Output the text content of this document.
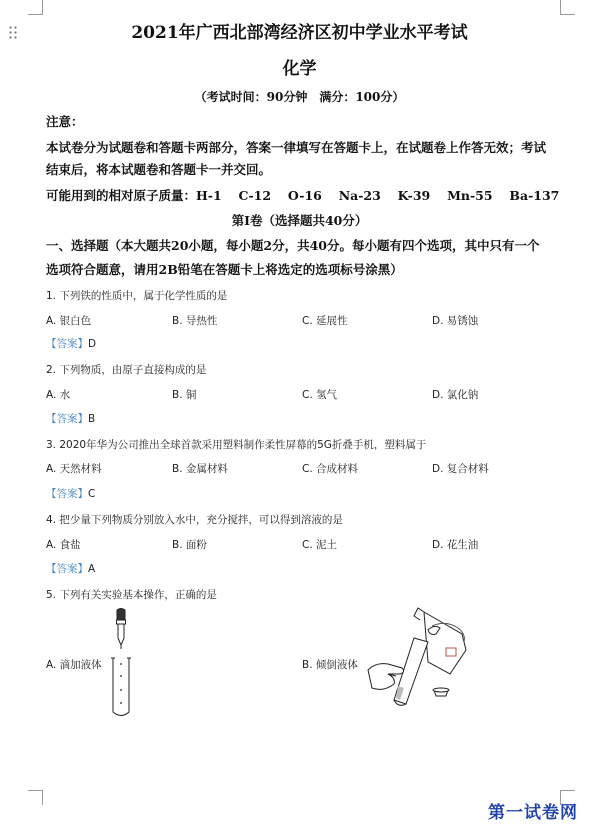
2021年广西北部湾经济区初中学业水平考试
化学
（考试时间：90分钟　满分：100分）
注意：
本试卷分为试题卷和答题卡两部分，答案一律填写在答题卡上，在试题卷上作答无效；考试
结束后，将本试题卷和答题卡一并交回。
可能用到的相对原子质量：H-1　 C-12　 O-16　 Na-23　 K-39　 Mn-55　 Ba-137
第Ⅰ卷（选择题共40分）
一、选择题（本大题共20小题，每小题2分，共40分。每小题有四个选项，其中只有一个
选项符合题意，请用2B铅笔在答题卡上将选定的选项标号涂黑）
1. 下列铁的性质中，属于化学性质的是
A. 银白色	B. 导热性	C. 延展性	D. 易锈蚀
【答案】D
2. 下列物质，由原子直接构成的是
A. 水	B. 铜	C. 氢气	D. 氯化钠
【答案】B
3. 2020年华为公司推出全球首款采用塑料制作柔性屏幕的5G折叠手机，塑料属于
A. 天然材料	B. 金属材料	C. 合成材料	D. 复合材料
【答案】C
4. 把少量下列物质分别放入水中，充分搅拌，可以得到溶液的是
A. 食盐	B. 面粉	C. 泥土	D. 花生油
【答案】A
5. 下列有关实验基本操作，正确的是
A. 滴加液体	B. 倾倒液体
第一试卷网
